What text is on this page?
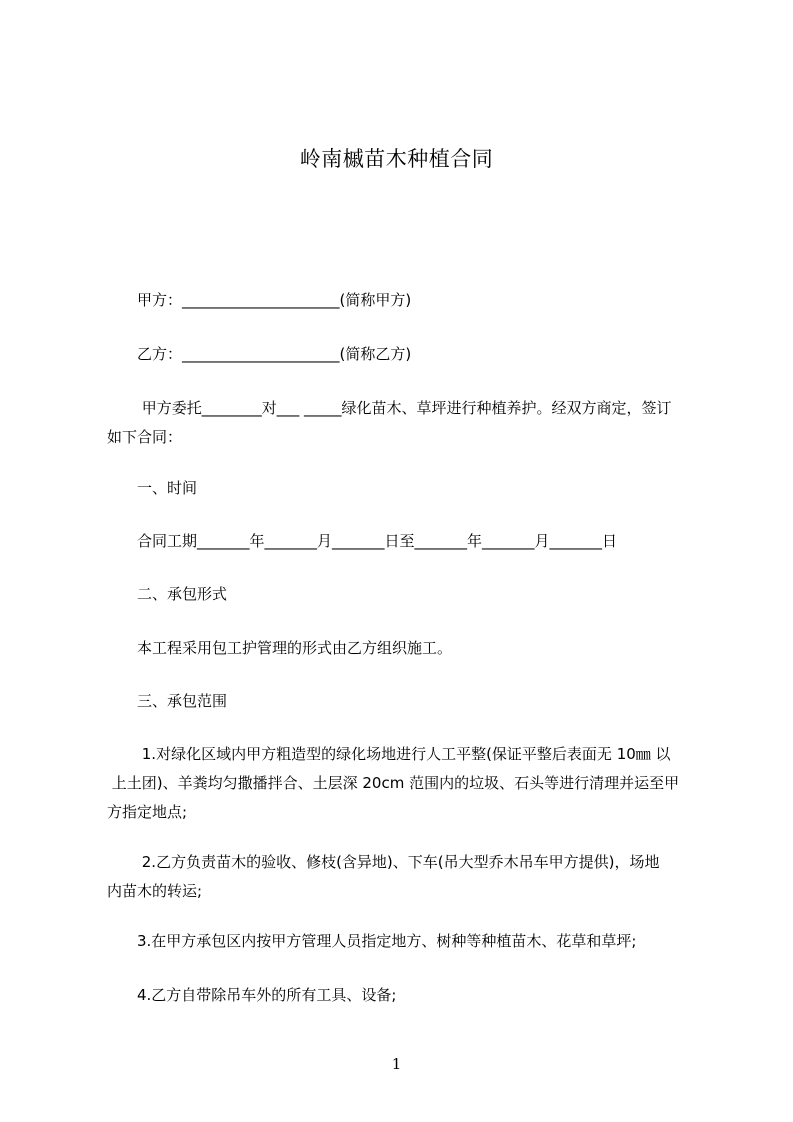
岭南槭苗木种植合同

甲方：_____________________(简称甲方)

乙方：_____________________(简称乙方)

甲方委托________对___ _____绿化苗木、草坪进行种植养护。经双方商定，签订

如下合同：

一、时间

合同工期_______年_______月_______日至_______年_______月_______日

二、承包形式

本工程采用包工护管理的形式由乙方组织施工。

三、承包范围

1.对绿化区域内甲方粗造型的绿化场地进行人工平整(保证平整后表面无 10㎜ 以

上土团)、羊粪均匀撒播拌合、土层深 20cm 范围内的垃圾、石头等进行清理并运至甲

方指定地点;

2.乙方负责苗木的验收、修枝(含异地)、下车(吊大型乔木吊车甲方提供)，场地

内苗木的转运;

3.在甲方承包区内按甲方管理人员指定地方、树种等种植苗木、花草和草坪;

4.乙方自带除吊车外的所有工具、设备;

1
